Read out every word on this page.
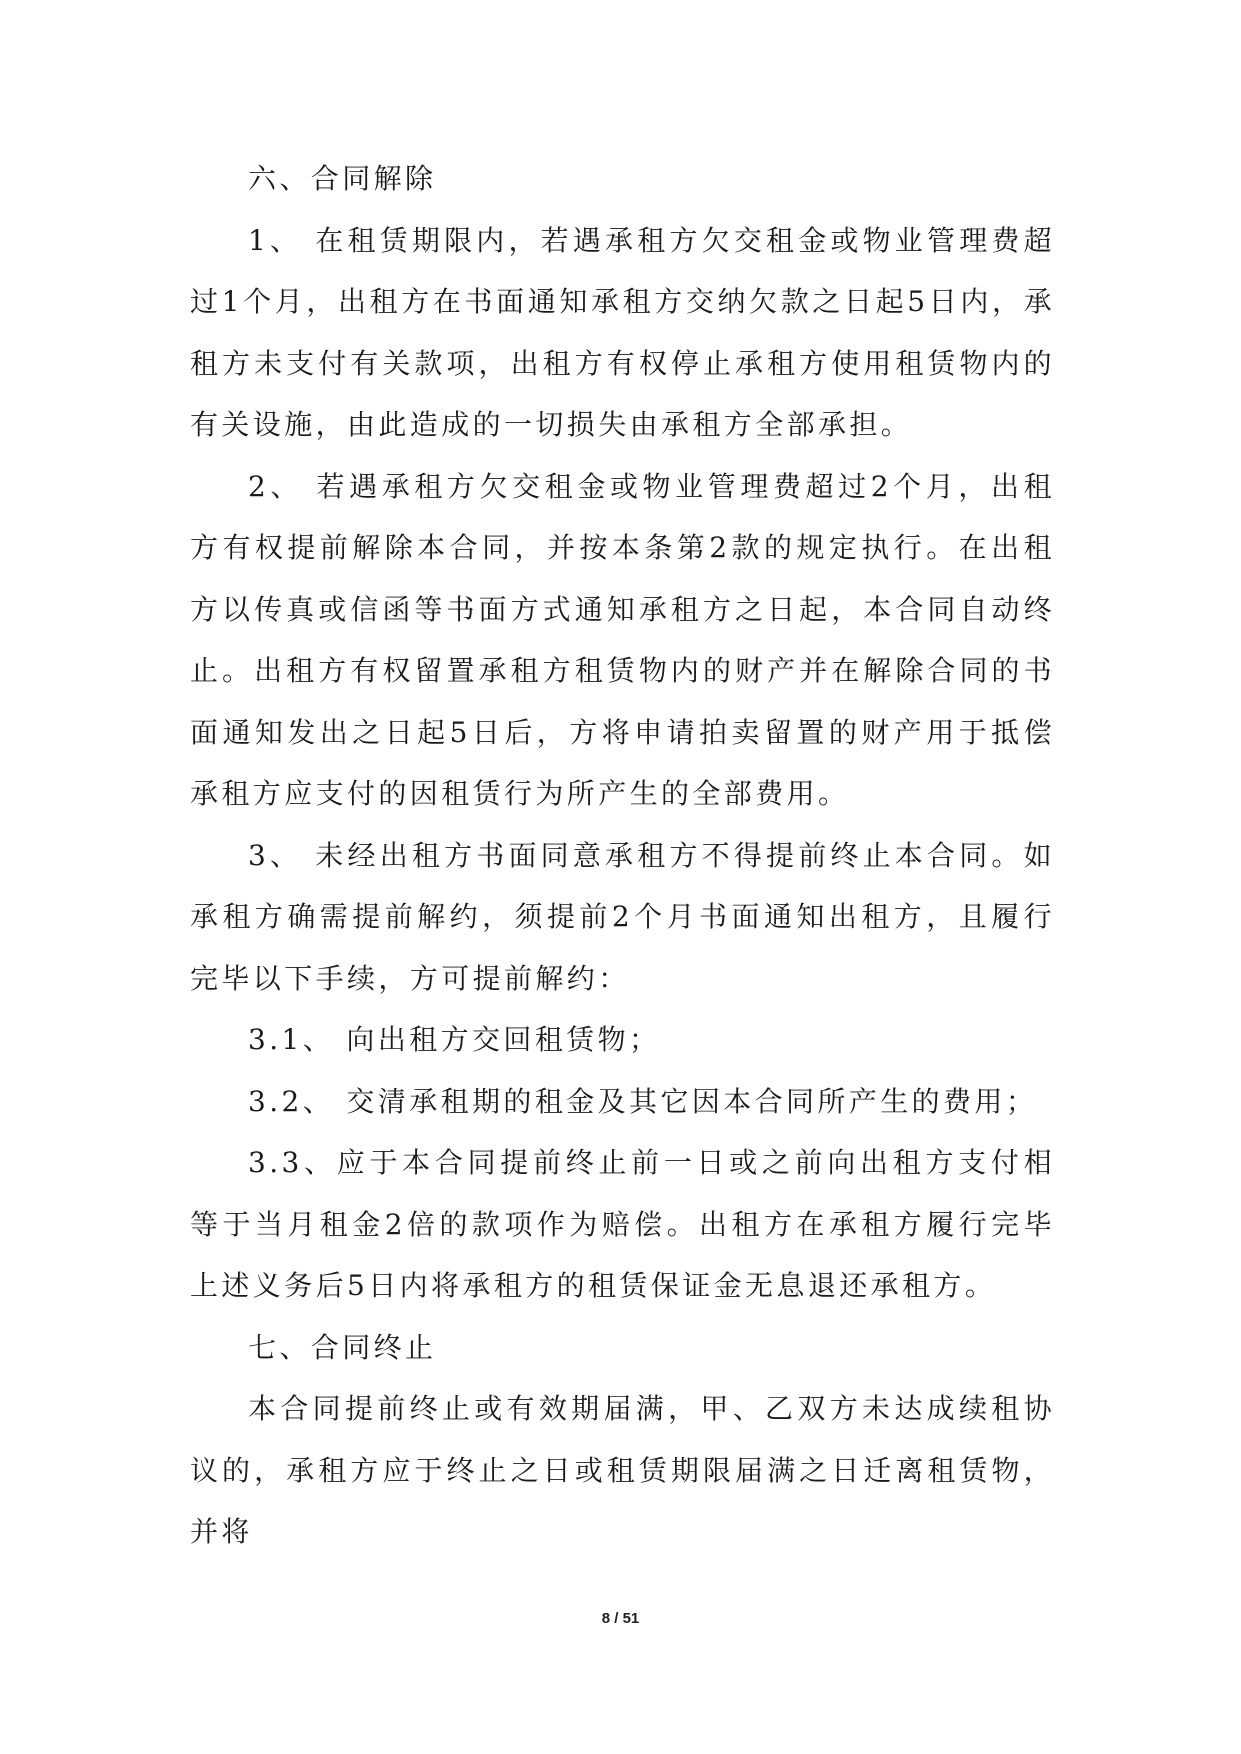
六、合同解除

1、 在租赁期限内，若遇承租方欠交租金或物业管理费超过1个月，出租方在书面通知承租方交纳欠款之日起5日内，承租方未支付有关款项，出租方有权停止承租方使用租赁物内的有关设施，由此造成的一切损失由承租方全部承担。

2、 若遇承租方欠交租金或物业管理费超过2个月，出租方有权提前解除本合同，并按本条第2款的规定执行。在出租方以传真或信函等书面方式通知承租方之日起，本合同自动终止。出租方有权留置承租方租赁物内的财产并在解除合同的书面通知发出之日起5日后，方将申请拍卖留置的财产用于抵偿承租方应支付的因租赁行为所产生的全部费用。

3、 未经出租方书面同意承租方不得提前终止本合同。如承租方确需提前解约，须提前2个月书面通知出租方，且履行完毕以下手续，方可提前解约：

3.1、 向出租方交回租赁物；

3.2、 交清承租期的租金及其它因本合同所产生的费用；

3.3、应于本合同提前终止前一日或之前向出租方支付相等于当月租金2倍的款项作为赔偿。出租方在承租方履行完毕上述义务后5日内将承租方的租赁保证金无息退还承租方。

七、合同终止

本合同提前终止或有效期届满，甲、乙双方未达成续租协议的，承租方应于终止之日或租赁期限届满之日迁离租赁物，并将

8 / 51
